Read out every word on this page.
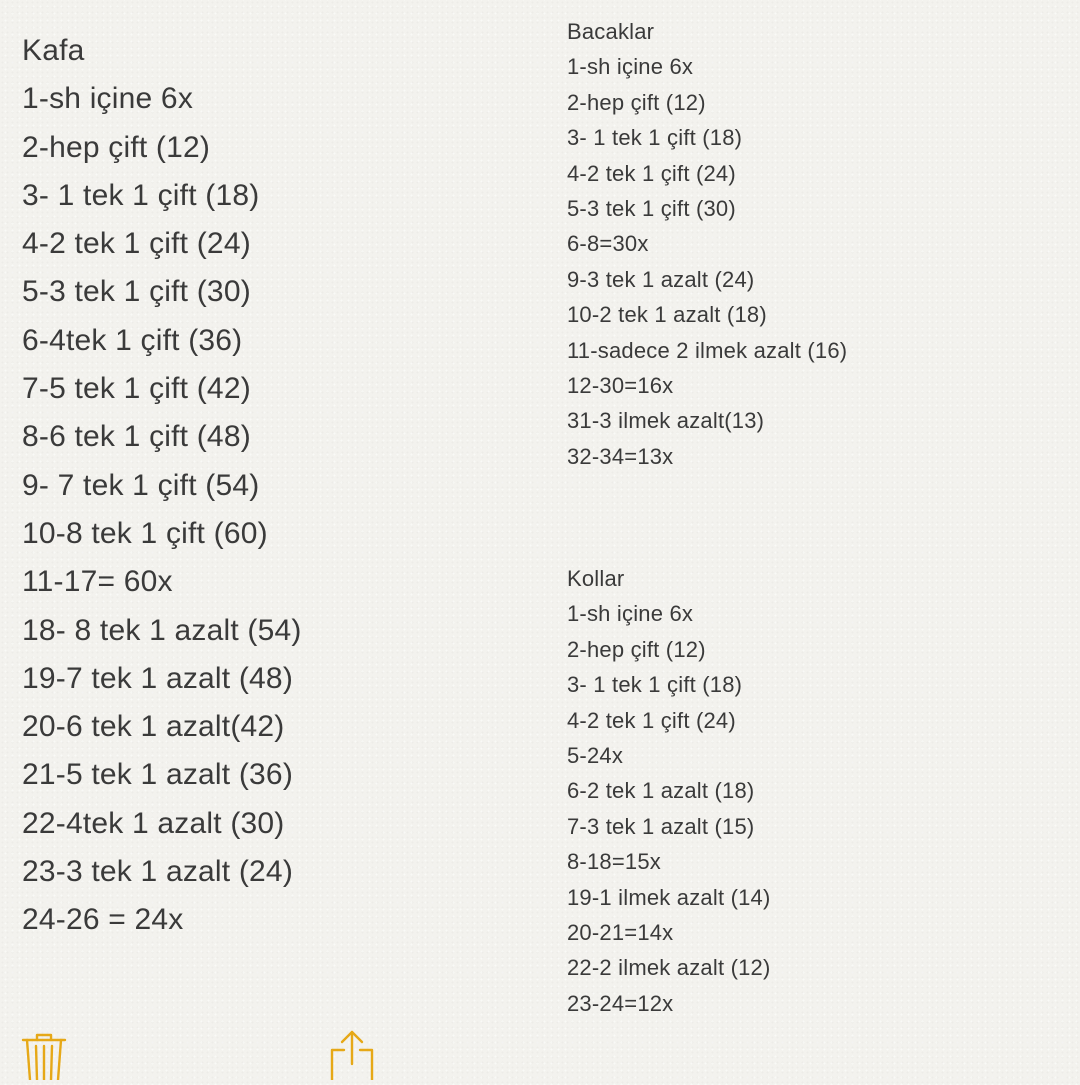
Kafa
1-sh içine 6x
2-hep çift (12)
3- 1 tek 1 çift (18)
4-2 tek 1 çift (24)
5-3 tek 1 çift (30)
6-4tek 1 çift (36)
7-5 tek 1 çift (42)
8-6 tek 1 çift (48)
9- 7 tek 1 çift (54)
10-8 tek 1 çift (60)
11-17= 60x
18- 8 tek 1 azalt (54)
19-7 tek 1 azalt (48)
20-6 tek 1 azalt(42)
21-5 tek 1 azalt (36)
22-4tek 1 azalt (30)
23-3 tek 1 azalt (24)
24-26 = 24x
Bacaklar
1-sh içine 6x
2-hep çift (12)
3- 1 tek 1 çift (18)
4-2 tek 1 çift (24)
5-3 tek 1 çift (30)
6-8=30x
9-3 tek 1 azalt (24)
10-2 tek 1 azalt (18)
11-sadece 2 ilmek azalt (16)
12-30=16x
31-3 ilmek azalt(13)
32-34=13x
Kollar
1-sh içine 6x
2-hep çift (12)
3- 1 tek 1 çift (18)
4-2 tek 1 çift (24)
5-24x
6-2 tek 1 azalt (18)
7-3 tek 1 azalt (15)
8-18=15x
19-1 ilmek azalt (14)
20-21=14x
22-2 ilmek azalt (12)
23-24=12x
